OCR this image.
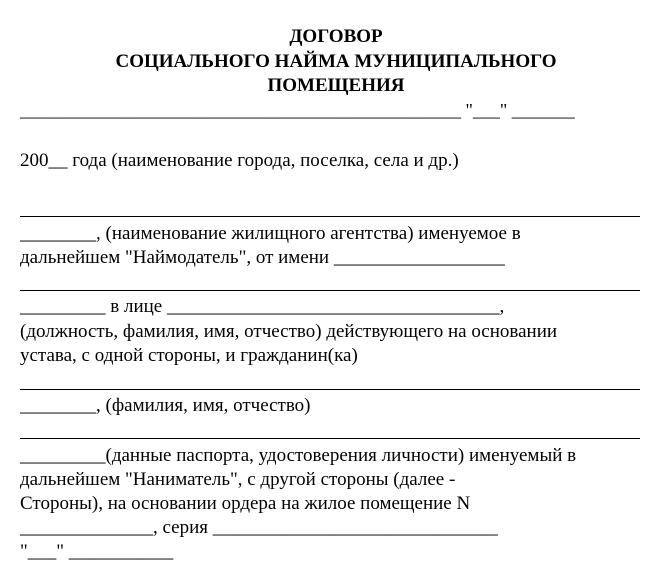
ДОГОВОР
СОЦИАЛЬНОГО НАЙМА МУНИЦИПАЛЬНОГО
ПОМЕЩЕНИЯ
_________________________________________________ "___" _______
200__ года (наименование города, поселка, села и др.)
________, (наименование жилищного агентства) именуемое в
дальнейшем "Наймодатель", от имени __________________
_________ в лице ___________________________________,
(должность, фамилия, имя, отчество) действующего на основании
устава, с одной стороны, и гражданин(ка)
________, (фамилия, имя, отчество)
_________(данные паспорта, удостоверения личности) именуемый в
дальнейшем "Наниматель", с другой стороны (далее -
Стороны), на основании ордера на жилое помещение N
______________, серия ______________________________
"___" ___________
